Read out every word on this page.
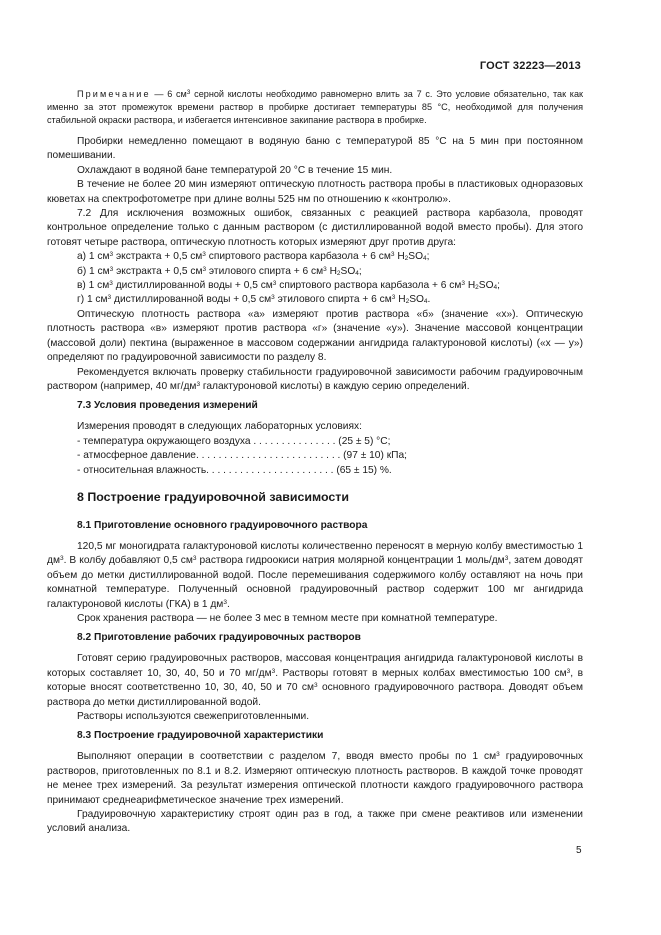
ГОСТ 32223—2013

Примечание — 6 $см^3$ серной кислоты необходимо равномерно влить за 7 с. Это условие обязательно, так как именно за этот промежуток времени раствор в пробирке достигает температуры 85 °С, необходимой для получения стабильной окраски раствора, и избегается интенсивное закипание раствора в пробирке.

Пробирки немедленно помещают в водяную баню с температурой 85 °С на 5 мин при постоянном помешивании.

Охлаждают в водяной бане температурой 20 °С в течение 15 мин.

В течение не более 20 мин измеряют оптическую плотность раствора пробы в пластиковых одноразовых кюветах на спектрофотометре при длине волны 525 нм по отношению к «контролю».

7.2 Для исключения возможных ошибок, связанных с реакцией раствора карбазола, проводят контрольное определение только с данным раствором (с дистиллированной водой вместо пробы). Для этого готовят четыре раствора, оптическую плотность которых измеряют друг против друга:

а) 1 $см^3$ экстракта + 0,5 $см^3$ спиртового раствора карбазола + 6 $см^3$ $H_2SO_4$;

б) 1 $см^3$ экстракта + 0,5 $см^3$ этилового спирта + 6 $см^3$ $H_2SO_4$;

в) 1 $см^3$ дистиллированной воды + 0,5 $см^3$ спиртового раствора карбазола + 6 $см^3$ $H_2SO_4$;

г) 1 $см^3$ дистиллированной воды + 0,5 $см^3$ этилового спирта + 6 $см^3$ $H_2SO_4$.

Оптическую плотность раствора «а» измеряют против раствора «б» (значение «х»). Оптическую плотность раствора «в» измеряют против раствора «г» (значение «у»). Значение массовой концентрации (массовой доли) пектина (выраженное в массовом содержании ангидрида галактуроновой кислоты) («х — у») определяют по градуировочной зависимости по разделу 8.

Рекомендуется включать проверку стабильности градуировочной зависимости рабочим градуировочным раствором (например, 40 $мг/дм^3$ галактуроновой кислоты) в каждую серию определений.

7.3 Условия проведения измерений

Измерения проводят в следующих лабораторных условиях:

- температура окружающего воздуха . . . . . . . . . . . . . . . (25 ± 5) °С;

- атмосферное давление. . . . . . . . . . . . . . . . . . . . . . . . . . (97 ± 10) кПа;

- относительная влажность. . . . . . . . . . . . . . . . . . . . . . . (65 ± 15) %.

8 Построение градуировочной зависимости
8.1 Приготовление основного градуировочного раствора

120,5 мг моногидрата галактуроновой кислоты количественно переносят в мерную колбу вместимостью 1 $дм^3$. В колбу добавляют 0,5 $см^3$ раствора гидроокиси натрия молярной концентрации 1 моль/$дм^3$, затем доводят объем до метки дистиллированной водой. После перемешивания содержимого колбу оставляют на ночь при комнатной температуре. Полученный основной градуировочный раствор содержит 100 мг ангидрида галактуроновой кислоты (ГКА) в 1 $дм^3$.

Срок хранения раствора — не более 3 мес в темном месте при комнатной температуре.

8.2 Приготовление рабочих градуировочных растворов

Готовят серию градуировочных растворов, массовая концентрация ангидрида галактуроновой кислоты в которых составляет 10, 30, 40, 50 и 70 $мг/дм^3$. Растворы готовят в мерных колбах вместимостью 100 $см^3$, в которые вносят соответственно 10, 30, 40, 50 и 70 $см^3$ основного градуировочного раствора. Доводят объем раствора до метки дистиллированной водой.

Растворы используются свежеприготовленными.

8.3 Построение градуировочной характеристики

Выполняют операции в соответствии с разделом 7, вводя вместо пробы по 1 $см^3$ градуировочных растворов, приготовленных по 8.1 и 8.2. Измеряют оптическую плотность растворов. В каждой точке проводят не менее трех измерений. За результат измерения оптической плотности каждого градуировочного раствора принимают среднеарифметическое значение трех измерений.

Градуировочную характеристику строят один раз в год, а также при смене реактивов или изменении условий анализа.

5
